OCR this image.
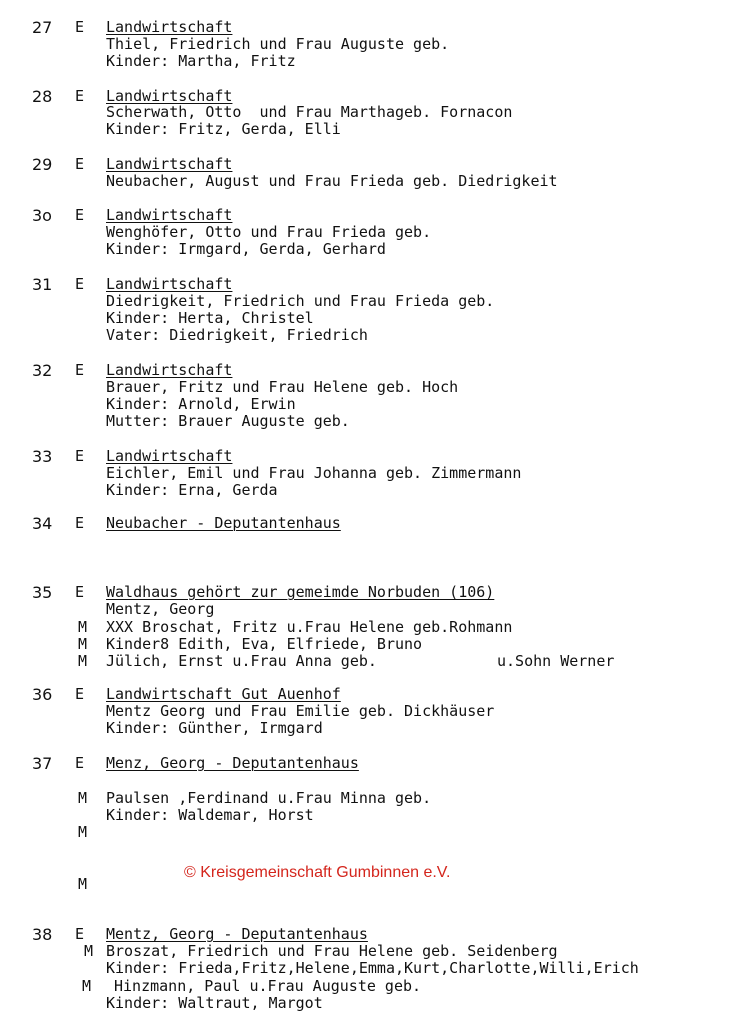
27 E Landwirtschaft
Thiel, Friedrich und Frau Auguste geb.
Kinder: Martha, Fritz
28 E Landwirtschaft
Scherwath, Otto  und Frau Marthageb. Fornacon
Kinder: Fritz, Gerda, Elli
29 E Landwirtschaft
Neubacher, August und Frau Frieda geb. Diedrigkeit
3o E Landwirtschaft
Wenghöfer, Otto und Frau Frieda geb.
Kinder: Irmgard, Gerda, Gerhard
31 E Landwirtschaft
Diedrigkeit, Friedrich und Frau Frieda geb.
Kinder: Herta, Christel
Vater: Diedrigkeit, Friedrich
32 E Landwirtschaft
Brauer, Fritz und Frau Helene geb. Hoch
Kinder: Arnold, Erwin
Mutter: Brauer Auguste geb.
33 E Landwirtschaft
Eichler, Emil und Frau Johanna geb. Zimmermann
Kinder: Erna, Gerda
34 E Neubacher - Deputantenhaus
35 E Waldhaus gehört zur gemeimde Norbuden (106)
Mentz, Georg
M XXX Broschat, Fritz u.Frau Helene geb.Rohmann
M Kinder8 Edith, Eva, Elfriede, Bruno
M Jülich, Ernst u.Frau Anna geb.	u.Sohn Werner
36 E Landwirtschaft Gut Auenhof
Mentz Georg und Frau Emilie geb. Dickhäuser
Kinder: Günther, Irmgard
37 E Menz, Georg - Deputantenhaus
M Paulsen ,Ferdinand u.Frau Minna geb.
Kinder: Waldemar, Horst
M
M
© Kreisgemeinschaft Gumbinnen e.V.
38 E Mentz, Georg - Deputantenhaus
M Broszat, Friedrich und Frau Helene geb. Seidenberg
Kinder: Frieda,Fritz,Helene,Emma,Kurt,Charlotte,Willi,Erich
M Hinzmann, Paul u.Frau Auguste geb.
Kinder: Waltraut, Margot
